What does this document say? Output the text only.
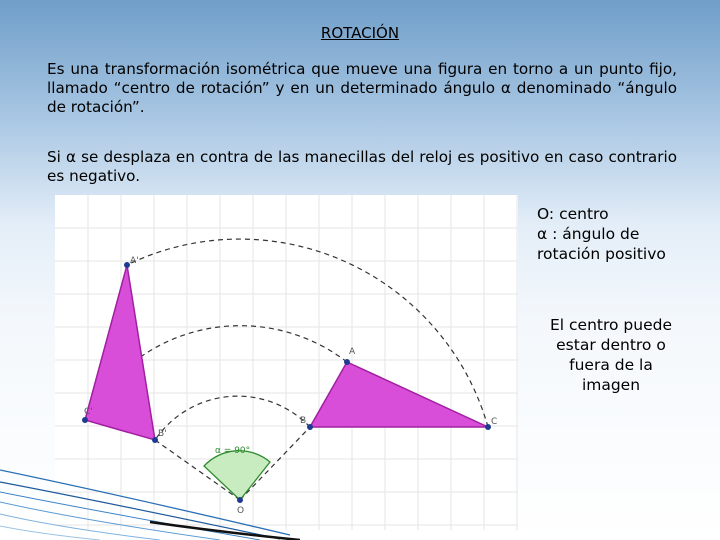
ROTACIÓN
Es una transformación isométrica que mueve una figura en torno a un punto fijo, llamado “centro de rotación” y en un determinado ángulo α denominado “ángulo de rotación”.
Si α se desplaza en contra de las manecillas del reloj es positivo en caso contrario es negativo.
A
B	C
A'
B'
C'
O
α = 90°
O: centro
α : ángulo de
rotación positivo
El centro puede
estar dentro o
fuera de la
imagen
